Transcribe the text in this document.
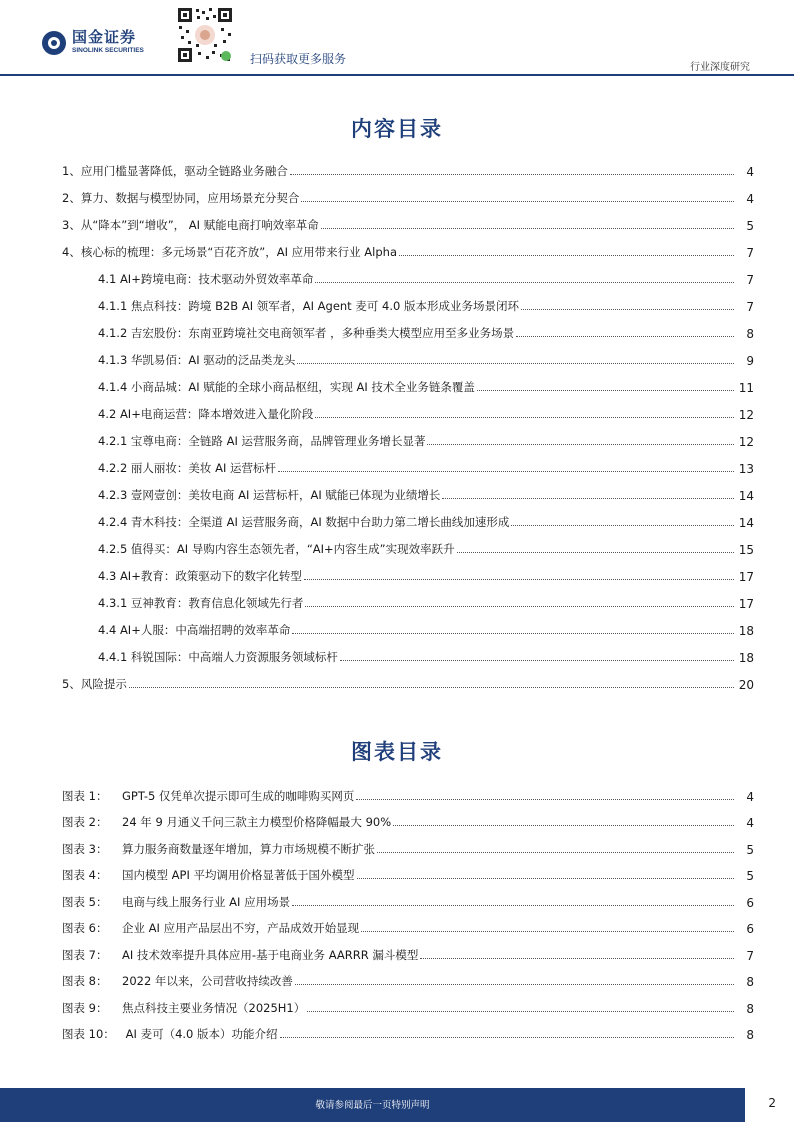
国金证券
SINOLINK SECURITIES
扫码获取更多服务
行业深度研究
内容目录
1、应用门槛显著降低，驱动全链路业务融合	4
2、算力、数据与模型协同，应用场景充分契合	4
3、从“降本”到“增收”， AI 赋能电商打响效率革命	5
4、核心标的梳理：多元场景“百花齐放”，AI 应用带来行业 Alpha	7
4.1 AI+跨境电商：技术驱动外贸效率革命	7
4.1.1 焦点科技：跨境 B2B AI 领军者，AI Agent 麦可 4.0 版本形成业务场景闭环	7
4.1.2 吉宏股份：东南亚跨境社交电商领军者 ，多种垂类大模型应用至多业务场景	8
4.1.3 华凯易佰：AI 驱动的泛品类龙头	9
4.1.4 小商品城：AI 赋能的全球小商品枢纽，实现 AI 技术全业务链条覆盖	11
4.2 AI+电商运营：降本增效进入量化阶段	12
4.2.1 宝尊电商：全链路 AI 运营服务商，品牌管理业务增长显著	12
4.2.2 丽人丽妆：美妆 AI 运营标杆	13
4.2.3 壹网壹创：美妆电商 AI 运营标杆，AI 赋能已体现为业绩增长	14
4.2.4 青木科技：全渠道 AI 运营服务商，AI 数据中台助力第二增长曲线加速形成	14
4.2.5 值得买：AI 导购内容生态领先者，“AI+内容生成”实现效率跃升	15
4.3 AI+教育：政策驱动下的数字化转型	17
4.3.1 豆神教育：教育信息化领域先行者	17
4.4 AI+人服：中高端招聘的效率革命	18
4.4.1 科锐国际：中高端人力资源服务领域标杆	18
5、风险提示	20
图表目录
图表 1： GPT-5 仅凭单次提示即可生成的咖啡购买网页	4
图表 2： 24 年 9 月通义千问三款主力模型价格降幅最大 90%	4
图表 3： 算力服务商数量逐年增加，算力市场规模不断扩张	5
图表 4： 国内模型 API 平均调用价格显著低于国外模型	5
图表 5： 电商与线上服务行业 AI 应用场景	6
图表 6： 企业 AI 应用产品层出不穷，产品成效开始显现	6
图表 7： AI 技术效率提升具体应用-基于电商业务 AARRR 漏斗模型	7
图表 8： 2022 年以来，公司营收持续改善	8
图表 9： 焦点科技主要业务情况（2025H1）	8
图表 10： AI 麦可（4.0 版本）功能介绍	8
敬请参阅最后一页特别声明	2
